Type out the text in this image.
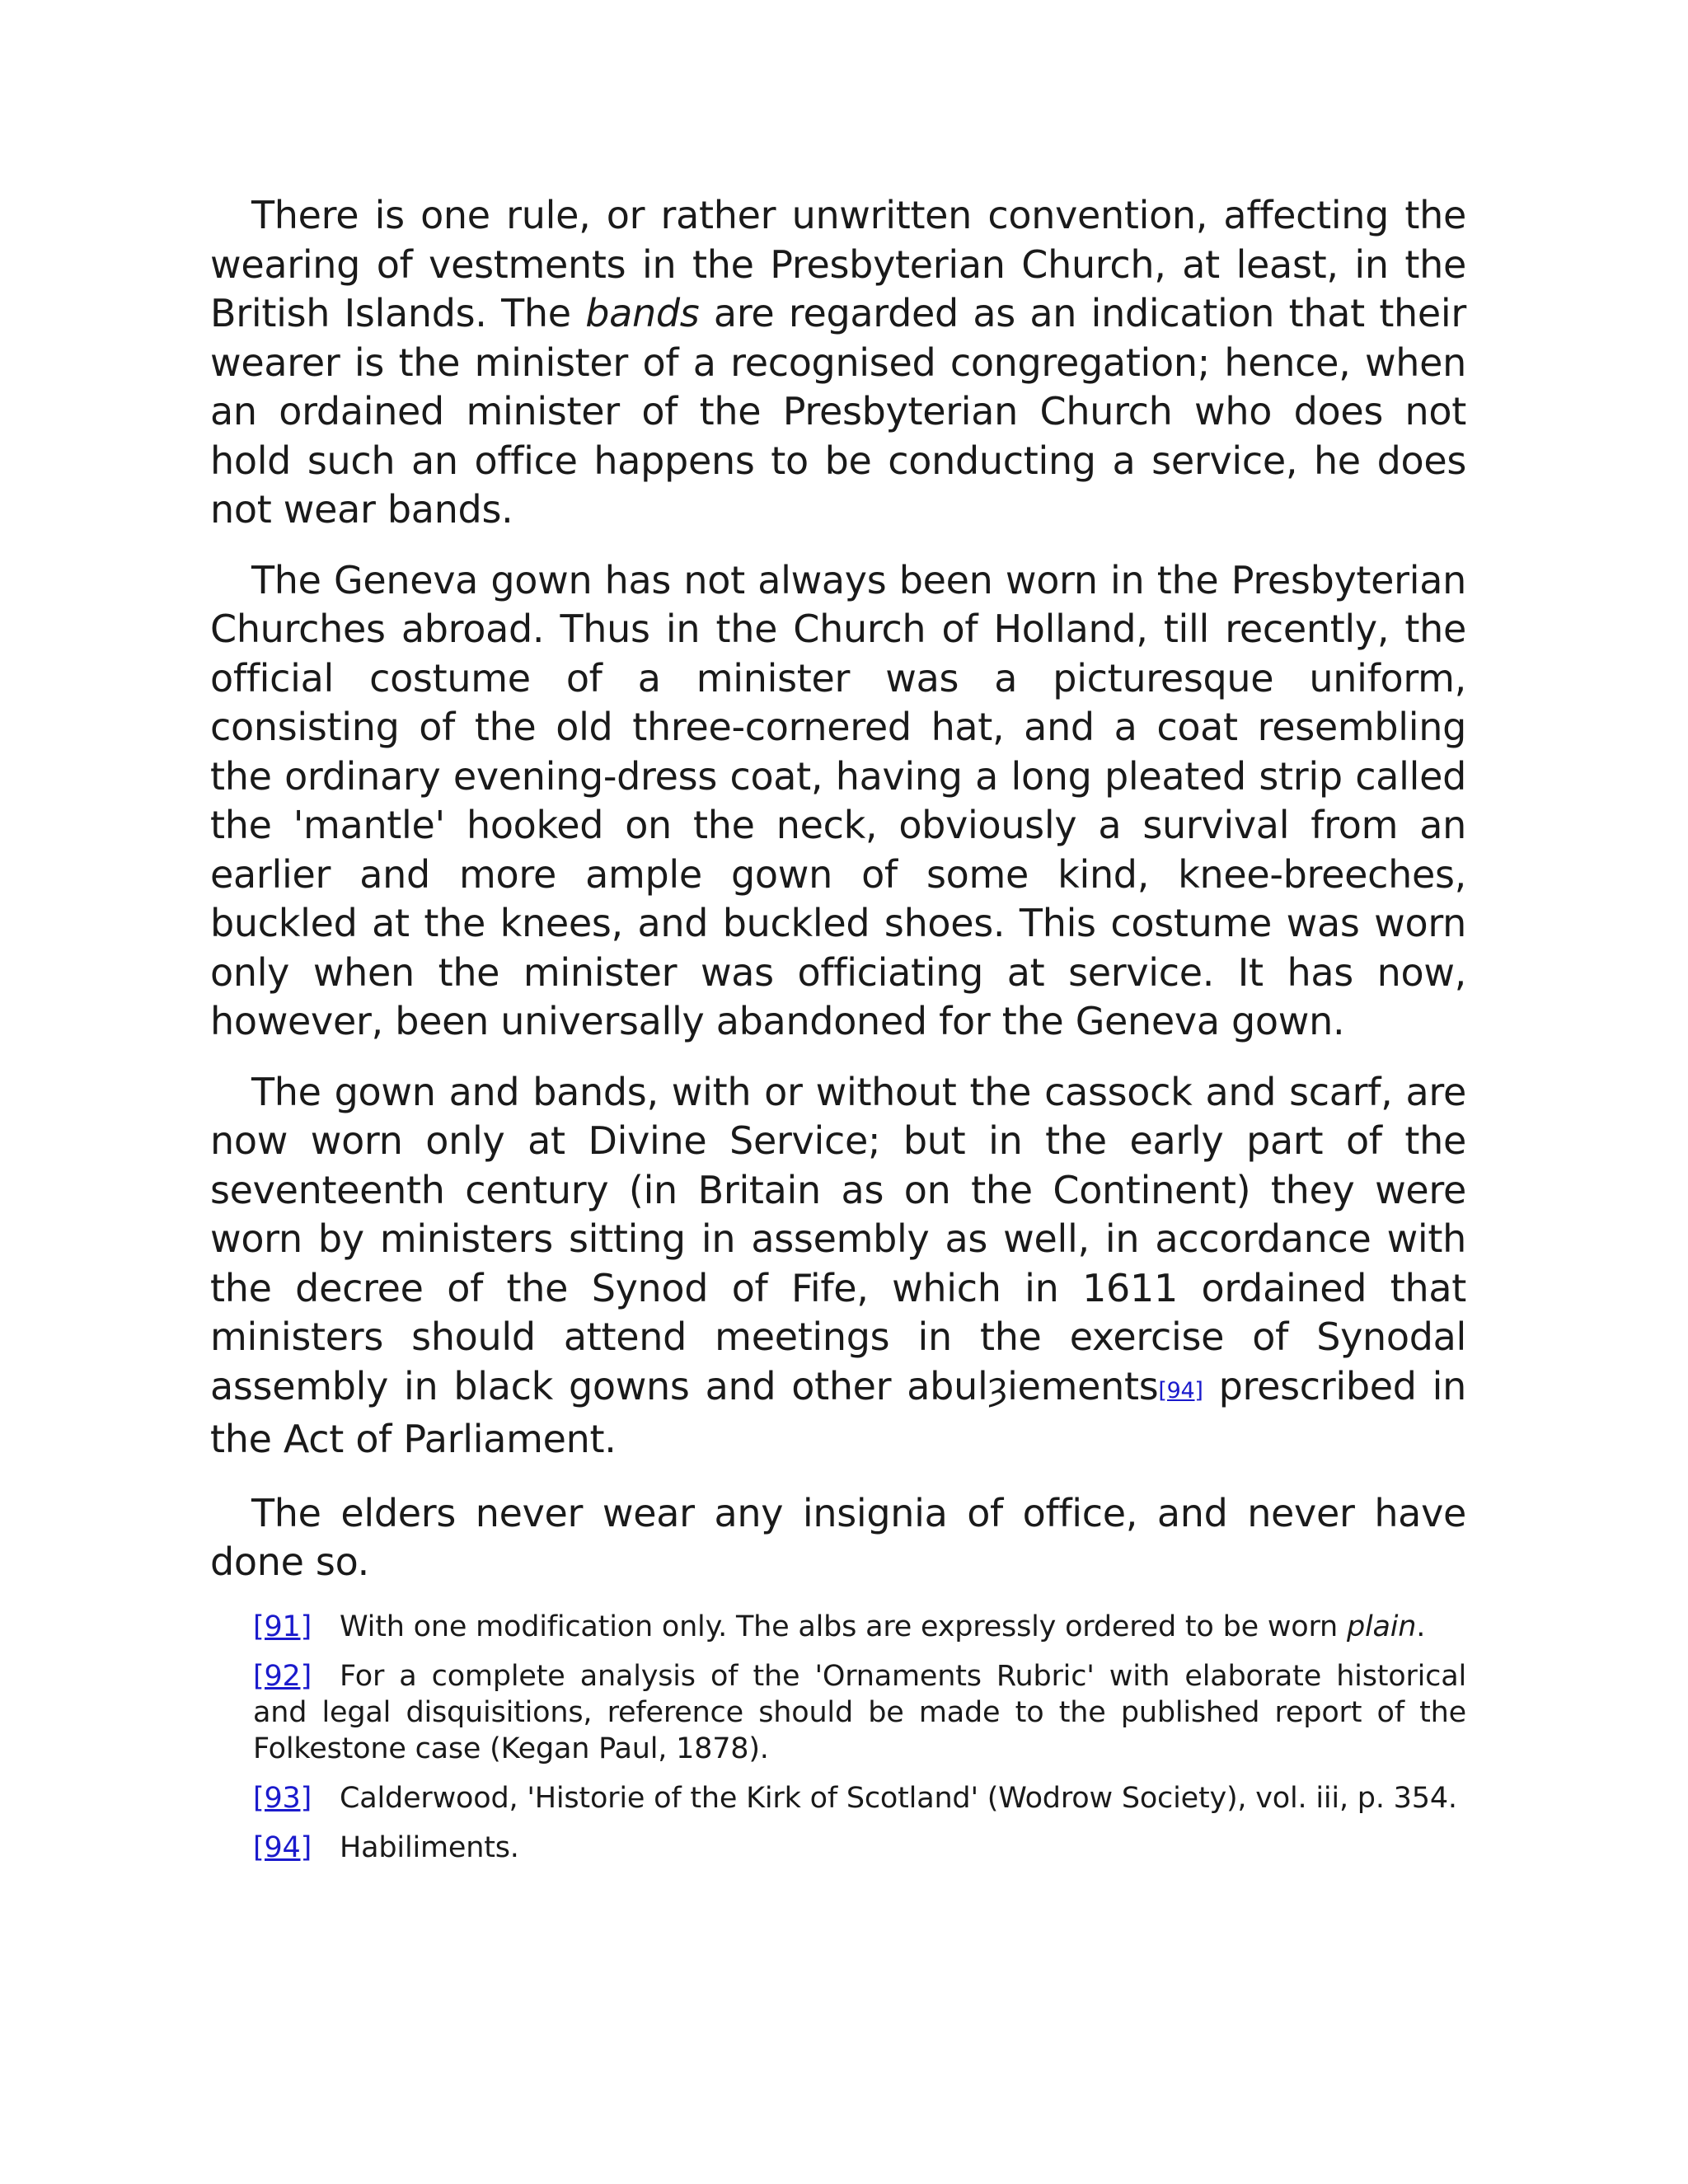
There is one rule, or rather unwritten convention, affecting the wearing of vestments in the Presbyterian Church, at least, in the British Islands. The bands are regarded as an indication that their wearer is the minister of a recognised congregation; hence, when an ordained minister of the Presbyterian Church who does not hold such an office happens to be conducting a service, he does not wear bands.

The Geneva gown has not always been worn in the Presbyterian Churches abroad. Thus in the Church of Holland, till recently, the official costume of a minister was a picturesque uniform, consisting of the old three-cornered hat, and a coat resembling the ordinary evening-dress coat, having a long pleated strip called the 'mantle' hooked on the neck, obviously a survival from an earlier and more ample gown of some kind, knee-breeches, buckled at the knees, and buckled shoes. This costume was worn only when the minister was officiating at service. It has now, however, been universally abandoned for the Geneva gown.

The gown and bands, with or without the cassock and scarf, are now worn only at Divine Service; but in the early part of the seventeenth century (in Britain as on the Continent) they were worn by ministers sitting in assembly as well, in accordance with the decree of the Synod of Fife, which in 1611 ordained that ministers should attend meetings in the exercise of Synodal assembly in black gowns and other abulȝiements[94] prescribed in the Act of Parliament.

The elders never wear any insignia of office, and never have done so.

[91] With one modification only. The albs are expressly ordered to be worn plain.

[92] For a complete analysis of the 'Ornaments Rubric' with elaborate historical and legal disquisitions, reference should be made to the published report of the Folkestone case (Kegan Paul, 1878).

[93] Calderwood, 'Historie of the Kirk of Scotland' (Wodrow Society), vol. iii, p. 354.

[94] Habiliments.
